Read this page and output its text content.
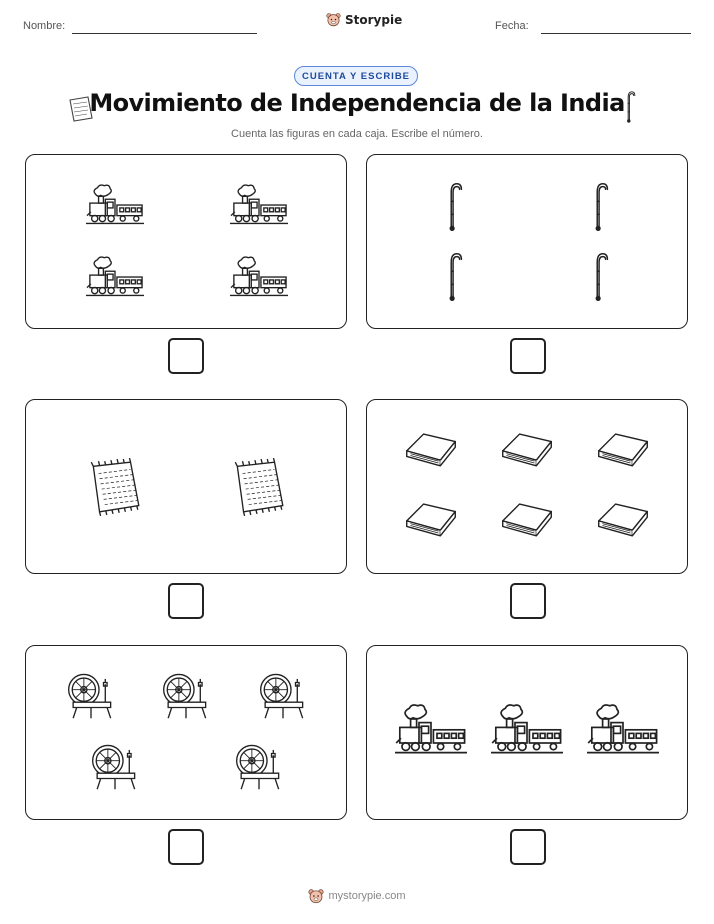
Nombre:	Storypie	Fecha:
CUENTA Y ESCRIBE
Movimiento de Independencia de la India
Cuenta las figuras en cada caja. Escribe el número.
mystorypie.com
